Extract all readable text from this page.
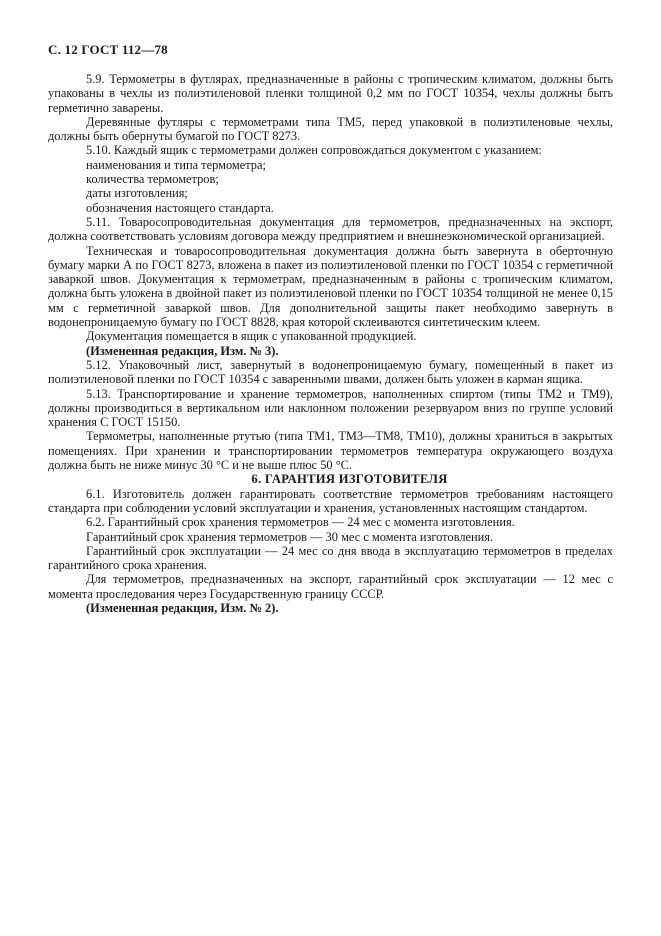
С. 12 ГОСТ 112—78

5.9. Термометры в футлярах, предназначенные в районы с тропическим климатом, должны быть упакованы в чехлы из полиэтиленовой пленки толщиной 0,2 мм по ГОСТ 10354, чехлы должны быть герметично заварены.

Деревянные футляры с термометрами типа ТМ5, перед упаковкой в полиэтиленовые чехлы, должны быть обернуты бумагой по ГОСТ 8273.

5.10. Каждый ящик с термометрами должен сопровождаться документом с указанием:

наименования и типа термометра;

количества термометров;

даты изготовления;

обозначения настоящего стандарта.

5.11. Товаросопроводительная документация для термометров, предназначенных на экспорт, должна соответствовать условиям договора между предприятием и внешнеэкономической организацией.

Техническая и товаросопроводительная документация должна быть завернута в оберточную бумагу марки А по ГОСТ 8273, вложена в пакет из полиэтиленовой пленки по ГОСТ 10354 с герметичной заваркой швов. Документация к термометрам, предназначенным в районы с тропическим климатом, должна быть уложена в двойной пакет из полиэтиленовой пленки по ГОСТ 10354 толщиной не менее 0,15 мм с герметичной заваркой швов. Для дополнительной защиты пакет необходимо завернуть в водонепроницаемую бумагу по ГОСТ 8828, края которой склеиваются синтетическим клеем.

Документация помещается в ящик с упакованной продукцией.

(Измененная редакция, Изм. № 3).

5.12. Упаковочный лист, завернутый в водонепроницаемую бумагу, помещенный в пакет из полиэтиленовой пленки по ГОСТ 10354 с заваренными швами, должен быть уложен в карман ящика.

5.13. Транспортирование и хранение термометров, наполненных спиртом (типы ТМ2 и ТМ9), должны производиться в вертикальном или наклонном положении резервуаром вниз по группе условий хранения С ГОСТ 15150.

Термометры, наполненные ртутью (типа ТМ1, ТМ3—ТМ8, ТМ10), должны храниться в закрытых помещениях. При хранении и транспортировании термометров температура окружающего воздуха должна быть не ниже минус 30 °С и не выше плюс 50 °С.

6. ГАРАНТИЯ ИЗГОТОВИТЕЛЯ

6.1. Изготовитель должен гарантировать соответствие термометров требованиям настоящего стандарта при соблюдении условий эксплуатации и хранения, установленных настоящим стандартом.

6.2. Гарантийный срок хранения термометров — 24 мес с момента изготовления.

Гарантийный срок хранения термометров — 30 мес с момента изготовления.

Гарантийный срок эксплуатации — 24 мес со дня ввода в эксплуатацию термометров в пределах гарантийного срока хранения.

Для термометров, предназначенных на экспорт, гарантийный срок эксплуатации — 12 мес с момента проследования через Государственную границу СССР.

(Измененная редакция, Изм. № 2).
